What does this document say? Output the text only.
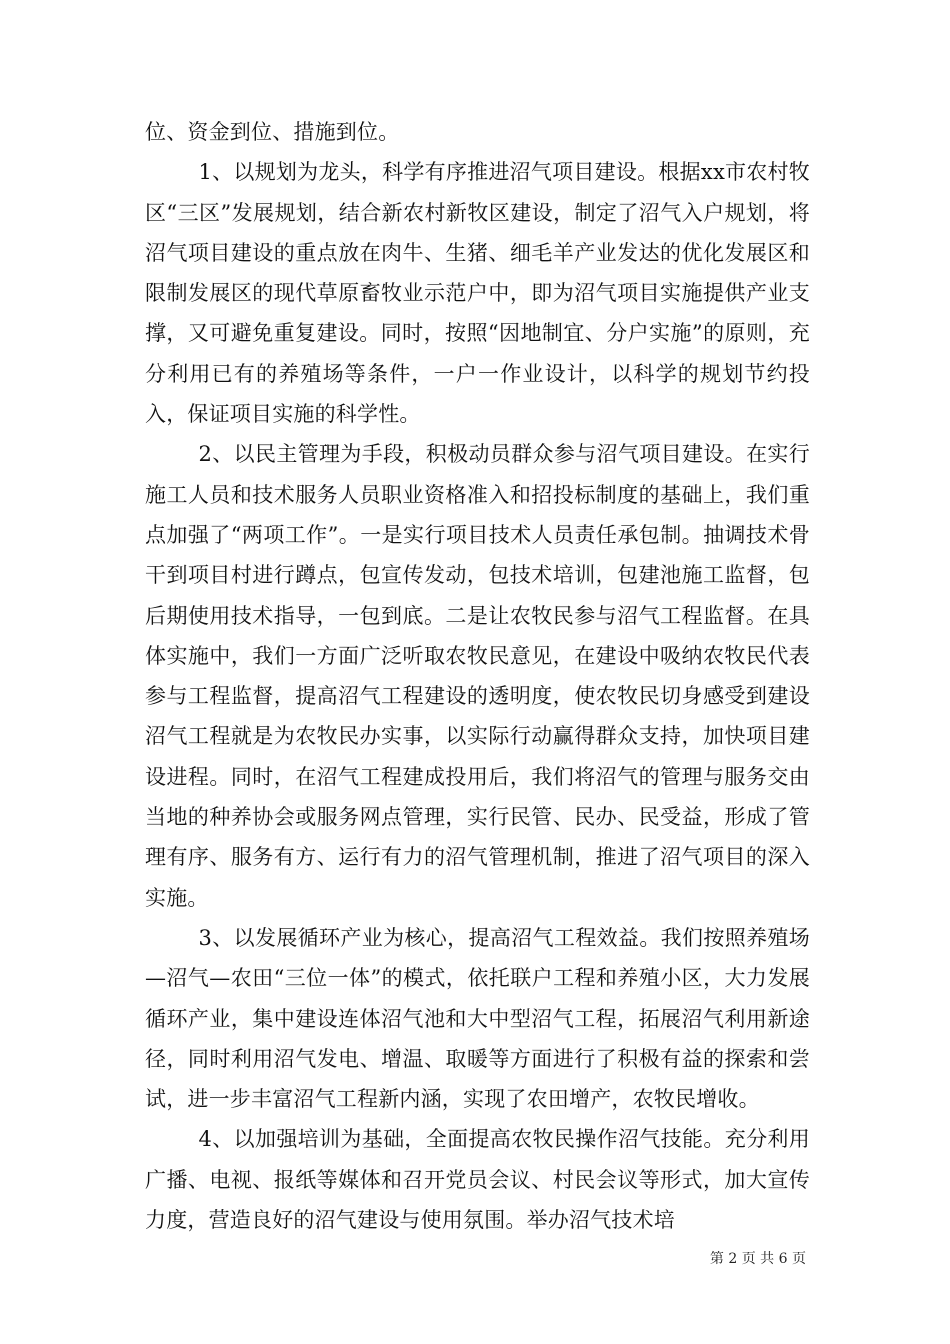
位、资金到位、措施到位。

1、以规划为龙头，科学有序推进沼气项目建设。根据xx市农村牧区“三区”发展规划，结合新农村新牧区建设，制定了沼气入户规划，将沼气项目建设的重点放在肉牛、生猪、细毛羊产业发达的优化发展区和限制发展区的现代草原畜牧业示范户中，即为沼气项目实施提供产业支撑，又可避免重复建设。同时，按照“因地制宜、分户实施”的原则，充分利用已有的养殖场等条件，一户一作业设计，以科学的规划节约投入，保证项目实施的科学性。

2、以民主管理为手段，积极动员群众参与沼气项目建设。在实行施工人员和技术服务人员职业资格准入和招投标制度的基础上，我们重点加强了“两项工作”。一是实行项目技术人员责任承包制。抽调技术骨干到项目村进行蹲点，包宣传发动，包技术培训，包建池施工监督，包后期使用技术指导，一包到底。二是让农牧民参与沼气工程监督。在具体实施中，我们一方面广泛听取农牧民意见，在建设中吸纳农牧民代表参与工程监督，提高沼气工程建设的透明度，使农牧民切身感受到建设沼气工程就是为农牧民办实事，以实际行动赢得群众支持，加快项目建设进程。同时，在沼气工程建成投用后，我们将沼气的管理与服务交由当地的种养协会或服务网点管理，实行民管、民办、民受益，形成了管理有序、服务有方、运行有力的沼气管理机制，推进了沼气项目的深入实施。

3、以发展循环产业为核心，提高沼气工程效益。我们按照养殖场—沼气—农田“三位一体”的模式，依托联户工程和养殖小区，大力发展循环产业，集中建设连体沼气池和大中型沼气工程，拓展沼气利用新途径，同时利用沼气发电、增温、取暖等方面进行了积极有益的探索和尝试，进一步丰富沼气工程新内涵，实现了农田增产，农牧民增收。

4、以加强培训为基础，全面提高农牧民操作沼气技能。充分利用广播、电视、报纸等媒体和召开党员会议、村民会议等形式，加大宣传力度，营造良好的沼气建设与使用氛围。举办沼气技术培

第 2 页 共 6 页
